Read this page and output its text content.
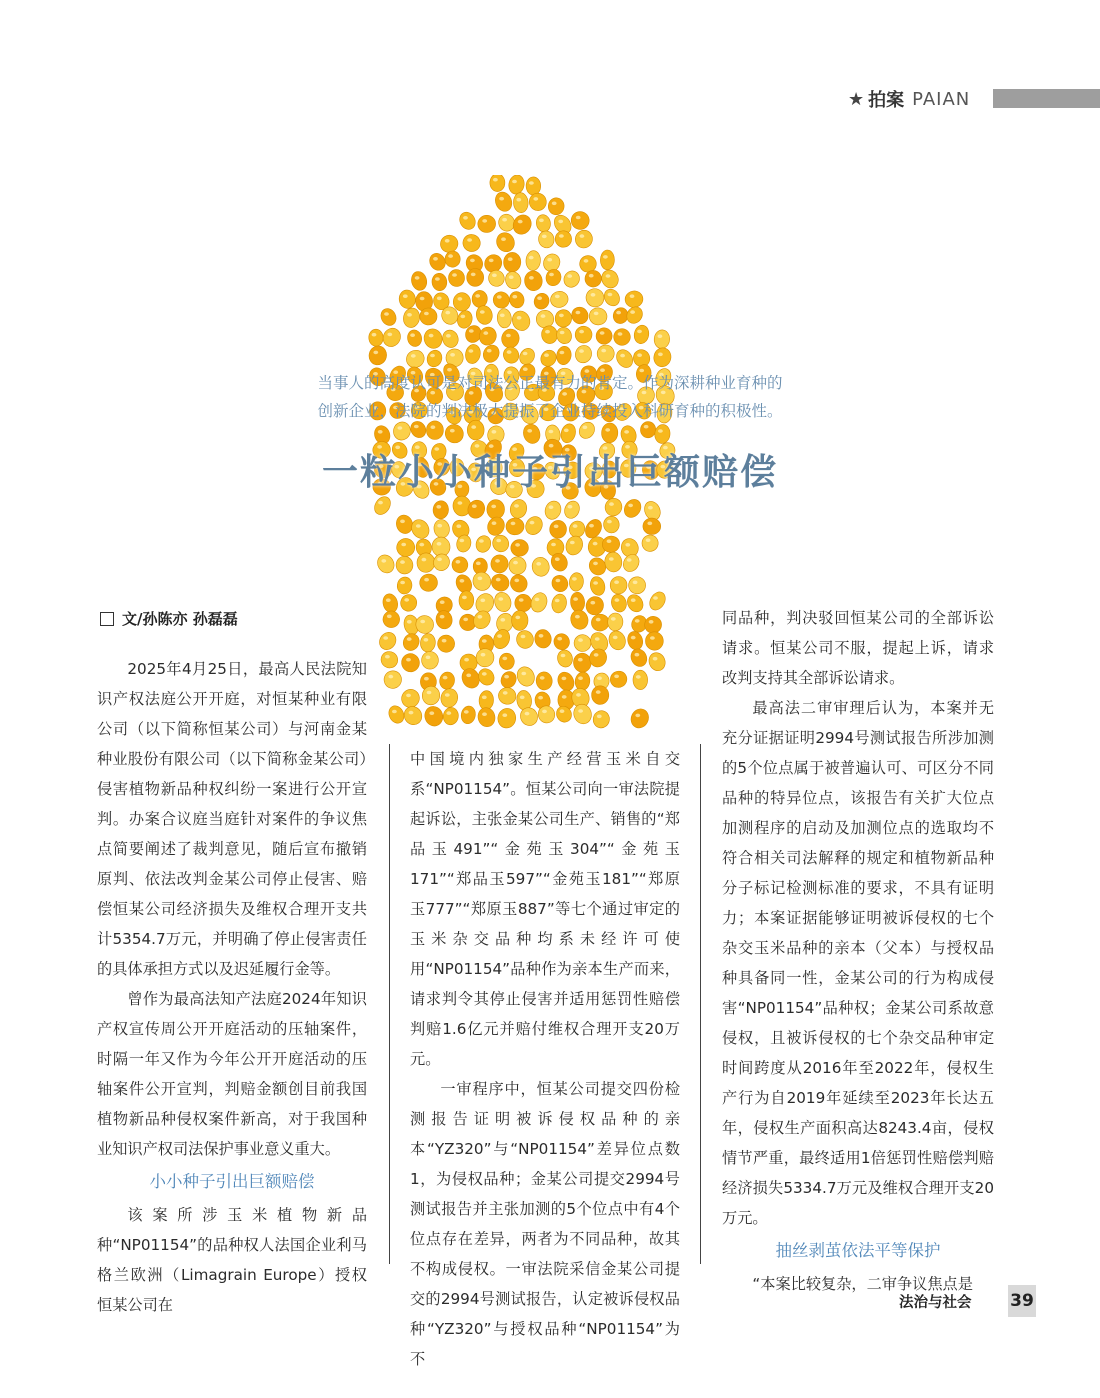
★ 拍案 PAIAN
当事人的高度认可是对司法公正最有力的肯定。作为深耕种业育种的
创新企业，法院的判决极大提振了企业持续投入科研育种的积极性。
一粒小小种子引出巨额赔偿
文/孙陈亦 孙磊磊

2025年4月25日，最高人民法院知识产权法庭公开开庭，对恒某种业有限公司（以下简称恒某公司）与河南金某种业股份有限公司（以下简称金某公司）侵害植物新品种权纠纷一案进行公开宣判。办案合议庭当庭针对案件的争议焦点简要阐述了裁判意见，随后宣布撤销原判、依法改判金某公司停止侵害、赔偿恒某公司经济损失及维权合理开支共计5354.7万元，并明确了停止侵害责任的具体承担方式以及迟延履行金等。

曾作为最高法知产法庭2024年知识产权宣传周公开开庭活动的压轴案件，时隔一年又作为今年公开开庭活动的压轴案件公开宣判，判赔金额创目前我国植物新品种侵权案件新高，对于我国种业知识产权司法保护事业意义重大。

小小种子引出巨额赔偿

该案所涉玉米植物新品种“NP01154”的品种权人法国企业利马格兰欧洲（Limagrain Europe）授权恒某公司在

中国境内独家生产经营玉米自交系“NP01154”。恒某公司向一审法院提起诉讼，主张金某公司生产、销售的“郑品玉491”“金苑玉304”“金苑玉171”“郑品玉597”“金苑玉181”“郑原玉777”“郑原玉887”等七个通过审定的玉米杂交品种均系未经许可使用“NP01154”品种作为亲本生产而来，请求判令其停止侵害并适用惩罚性赔偿判赔1.6亿元并赔付维权合理开支20万元。

一审程序中，恒某公司提交四份检测报告证明被诉侵权品种的亲本“YZ320”与“NP01154”差异位点数1，为侵权品种；金某公司提交2994号测试报告并主张加测的5个位点中有4个位点存在差异，两者为不同品种，故其不构成侵权。一审法院采信金某公司提交的2994号测试报告，认定被诉侵权品种“YZ320”与授权品种“NP01154”为不

同品种，判决驳回恒某公司的全部诉讼请求。恒某公司不服，提起上诉，请求改判支持其全部诉讼请求。

最高法二审审理后认为，本案并无充分证据证明2994号测试报告所涉加测的5个位点属于被普遍认可、可区分不同品种的特异位点，该报告有关扩大位点加测程序的启动及加测位点的选取均不符合相关司法解释的规定和植物新品种分子标记检测标准的要求，不具有证明力；本案证据能够证明被诉侵权的七个杂交玉米品种的亲本（父本）与授权品种具备同一性，金某公司的行为构成侵害“NP01154”品种权；金某公司系故意侵权，且被诉侵权的七个杂交品种审定时间跨度从2016年至2022年，侵权生产行为自2019年延续至2023年长达五年，侵权生产面积高达8243.4亩，侵权情节严重，最终适用1倍惩罚性赔偿判赔经济损失5334.7万元及维权合理开支20万元。

抽丝剥茧依法平等保护

“本案比较复杂，二审争议焦点是

法治与社会 39
